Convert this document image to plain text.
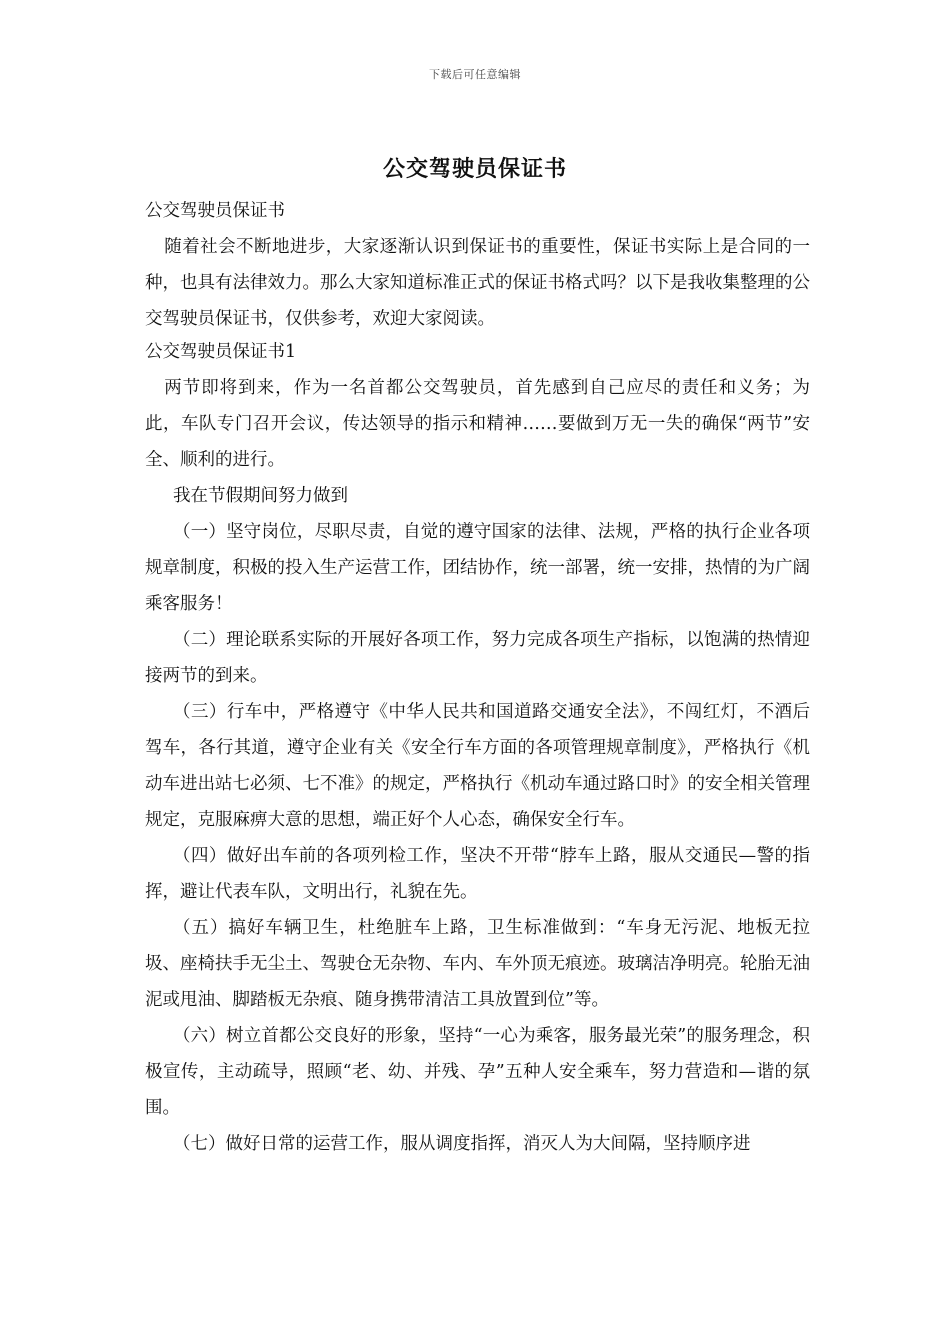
下载后可任意编辑
公交驾驶员保证书

公交驾驶员保证书

随着社会不断地进步，大家逐渐认识到保证书的重要性，保证书实际上是合同的一种，也具有法律效力。那么大家知道标准正式的保证书格式吗？以下是我收集整理的公交驾驶员保证书，仅供参考，欢迎大家阅读。

公交驾驶员保证书1

两节即将到来，作为一名首都公交驾驶员，首先感到自己应尽的责任和义务；为此，车队专门召开会议，传达领导的指示和精神……要做到万无一失的确保“两节”安全、顺利的进行。

我在节假期间努力做到

（一）坚守岗位，尽职尽责，自觉的遵守国家的法律、法规，严格的执行企业各项规章制度，积极的投入生产运营工作，团结协作，统一部署，统一安排，热情的为广阔乘客服务！

（二）理论联系实际的开展好各项工作，努力完成各项生产指标，以饱满的热情迎接两节的到来。

（三）行车中，严格遵守《中华人民共和国道路交通安全法》，不闯红灯，不酒后驾车，各行其道，遵守企业有关《安全行车方面的各项管理规章制度》，严格执行《机动车进出站七必须、七不准》的规定，严格执行《机动车通过路口时》的安全相关管理规定，克服麻痹大意的思想，端正好个人心态，确保安全行车。

（四）做好出车前的各项列检工作，坚决不开带“脖车上路，服从交通民—警的指挥，避让代表车队，文明出行，礼貌在先。

（五）搞好车辆卫生，杜绝脏车上路，卫生标准做到：“车身无污泥、地板无拉圾、座椅扶手无尘土、驾驶仓无杂物、车内、车外顶无痕迹。玻璃洁净明亮。轮胎无油泥或甩油、脚踏板无杂痕、随身携带清洁工具放置到位”等。

（六）树立首都公交良好的形象，坚持“一心为乘客，服务最光荣”的服务理念，积极宣传，主动疏导，照顾“老、幼、并残、孕”五种人安全乘车，努力营造和—谐的氛围。

（七）做好日常的运营工作，服从调度指挥，消灭人为大间隔，坚持顺序进
